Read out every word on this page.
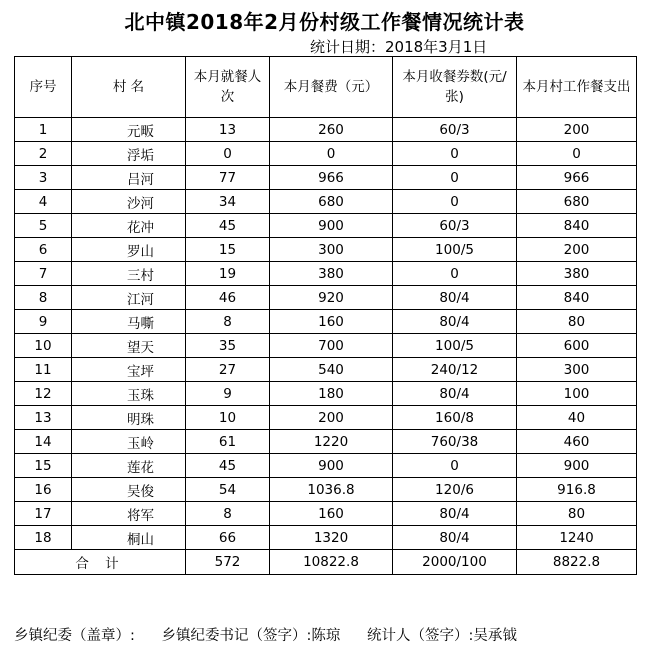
北中镇2018年2月份村级工作餐情况统计表
统计日期：2018年3月1日
序号	村 名	本月就餐人 次	本月餐费（元）	本月收餐券数(元/张)	本月村工作餐支出
1	元畈	13	260	60/3	200
2	浮垢	0	0	0	0
3	吕河	77	966	0	966
4	沙河	34	680	0	680
5	花冲	45	900	60/3	840
6	罗山	15	300	100/5	200
7	三村	19	380	0	380
8	江河	46	920	80/4	840
9	马嘶	8	160	80/4	80
10	望天	35	700	100/5	600
11	宝坪	27	540	240/12	300
12	玉珠	9	180	80/4	100
13	明珠	10	200	160/8	40
14	玉岭	61	1220	760/38	460
15	莲花	45	900	0	900
16	吴俊	54	1036.8	120/6	916.8
17	将军	8	160	80/4	80
18	桐山	66	1320	80/4	1240
合 计		572	10822.8	2000/100	8822.8
乡镇纪委（盖章）: 乡镇纪委书记（签字）:陈琼 统计人（签字）:吴承钺
